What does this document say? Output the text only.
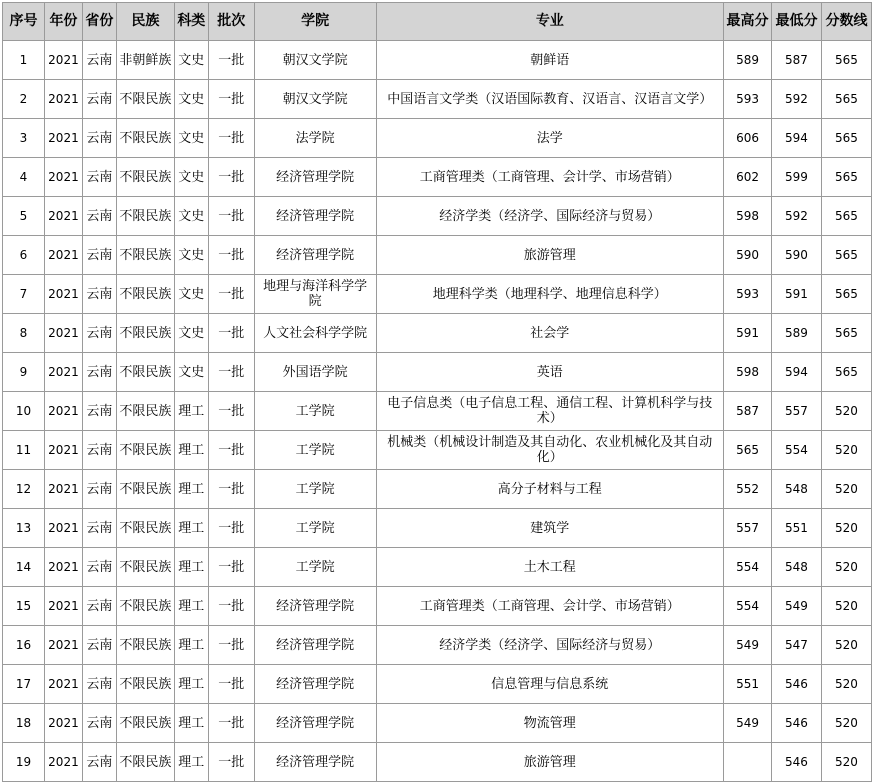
序号	年份	省份	民族	科类	批次	学院	专业	最高分	最低分	分数线
1	2021	云南	非朝鲜族	文史	一批	朝汉文学院	朝鲜语	589	587	565
2	2021	云南	不限民族	文史	一批	朝汉文学院	中国语言文学类（汉语国际教育、汉语言、汉语言文学）	593	592	565
3	2021	云南	不限民族	文史	一批	法学院	法学	606	594	565
4	2021	云南	不限民族	文史	一批	经济管理学院	工商管理类（工商管理、会计学、市场营销）	602	599	565
5	2021	云南	不限民族	文史	一批	经济管理学院	经济学类（经济学、国际经济与贸易）	598	592	565
6	2021	云南	不限民族	文史	一批	经济管理学院	旅游管理	590	590	565
7	2021	云南	不限民族	文史	一批	地理与海洋科学学院	地理科学类（地理科学、地理信息科学）	593	591	565
8	2021	云南	不限民族	文史	一批	人文社会科学学院	社会学	591	589	565
9	2021	云南	不限民族	文史	一批	外国语学院	英语	598	594	565
10	2021	云南	不限民族	理工	一批	工学院	电子信息类（电子信息工程、通信工程、计算机科学与技术）	587	557	520
11	2021	云南	不限民族	理工	一批	工学院	机械类（机械设计制造及其自动化、农业机械化及其自动化）	565	554	520
12	2021	云南	不限民族	理工	一批	工学院	高分子材料与工程	552	548	520
13	2021	云南	不限民族	理工	一批	工学院	建筑学	557	551	520
14	2021	云南	不限民族	理工	一批	工学院	土木工程	554	548	520
15	2021	云南	不限民族	理工	一批	经济管理学院	工商管理类（工商管理、会计学、市场营销）	554	549	520
16	2021	云南	不限民族	理工	一批	经济管理学院	经济学类（经济学、国际经济与贸易）	549	547	520
17	2021	云南	不限民族	理工	一批	经济管理学院	信息管理与信息系统	551	546	520
18	2021	云南	不限民族	理工	一批	经济管理学院	物流管理	549	546	520
19	2021	云南	不限民族	理工	一批	经济管理学院	旅游管理		546	520
